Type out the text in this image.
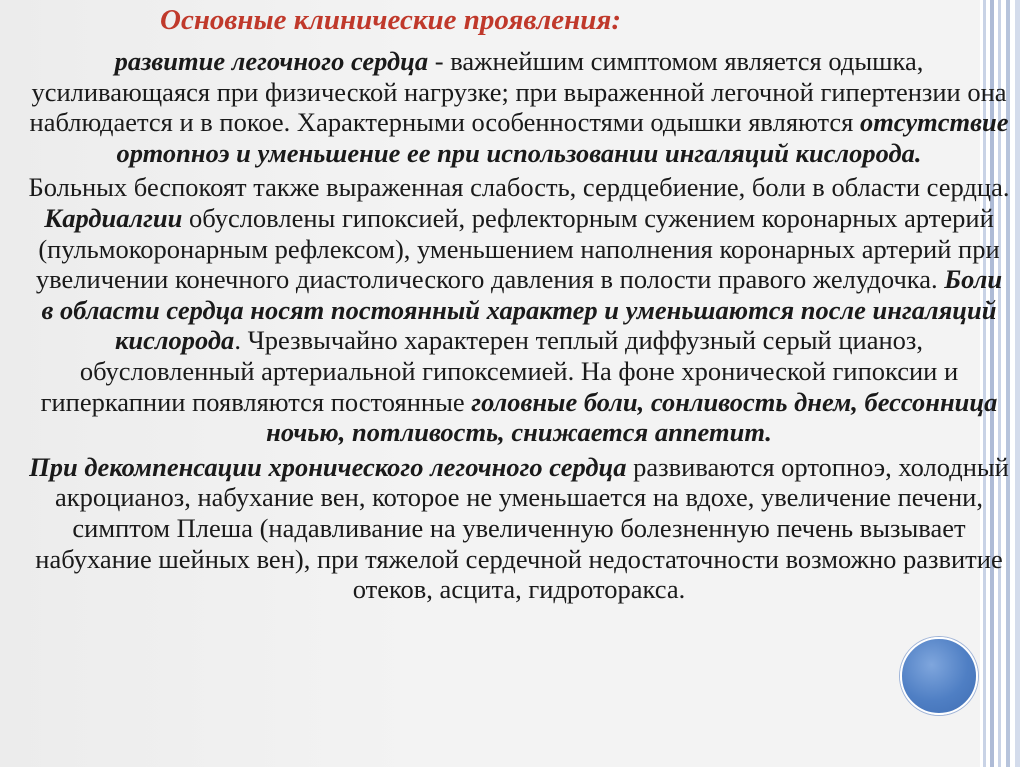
Основные клинические проявления:

развитие легочного сердца - важнейшим симптомом является одышка, усиливающаяся при физической нагрузке; при выраженной легочной гипертензии она наблюдается и в покое. Характерными особенностями одышки являются отсутствие ортопноэ и уменьшение ее при использовании ингаляций кислорода.

Больных беспокоят также выраженная слабость, сердцебиение, боли в области сердца. Кардиалгии обусловлены гипоксией, рефлекторным сужением коронарных артерий (пульмокоронарным рефлексом), уменьшением наполнения коронарных артерий при увеличении конечного диастолического давления в полости правого желудочка. Боли в области сердца носят постоянный характер и уменьшаются после ингаляций кислорода. Чрезвычайно характерен теплый диффузный серый цианоз, обусловленный артериальной гипоксемией. На фоне хронической гипоксии и гиперкапнии появляются постоянные головные боли, сонливость днем, бессонница ночью, потливость, снижается аппетит.

При декомпенсации хронического легочного сердца развиваются ортопноэ, холодный акроцианоз, набухание вен, которое не уменьшается на вдохе, увеличение печени, симптом Плеша (надавливание на увеличенную болезненную печень вызывает набухание шейных вен), при тяжелой сердечной недостаточности возможно развитие отеков, асцита, гидроторакса.
